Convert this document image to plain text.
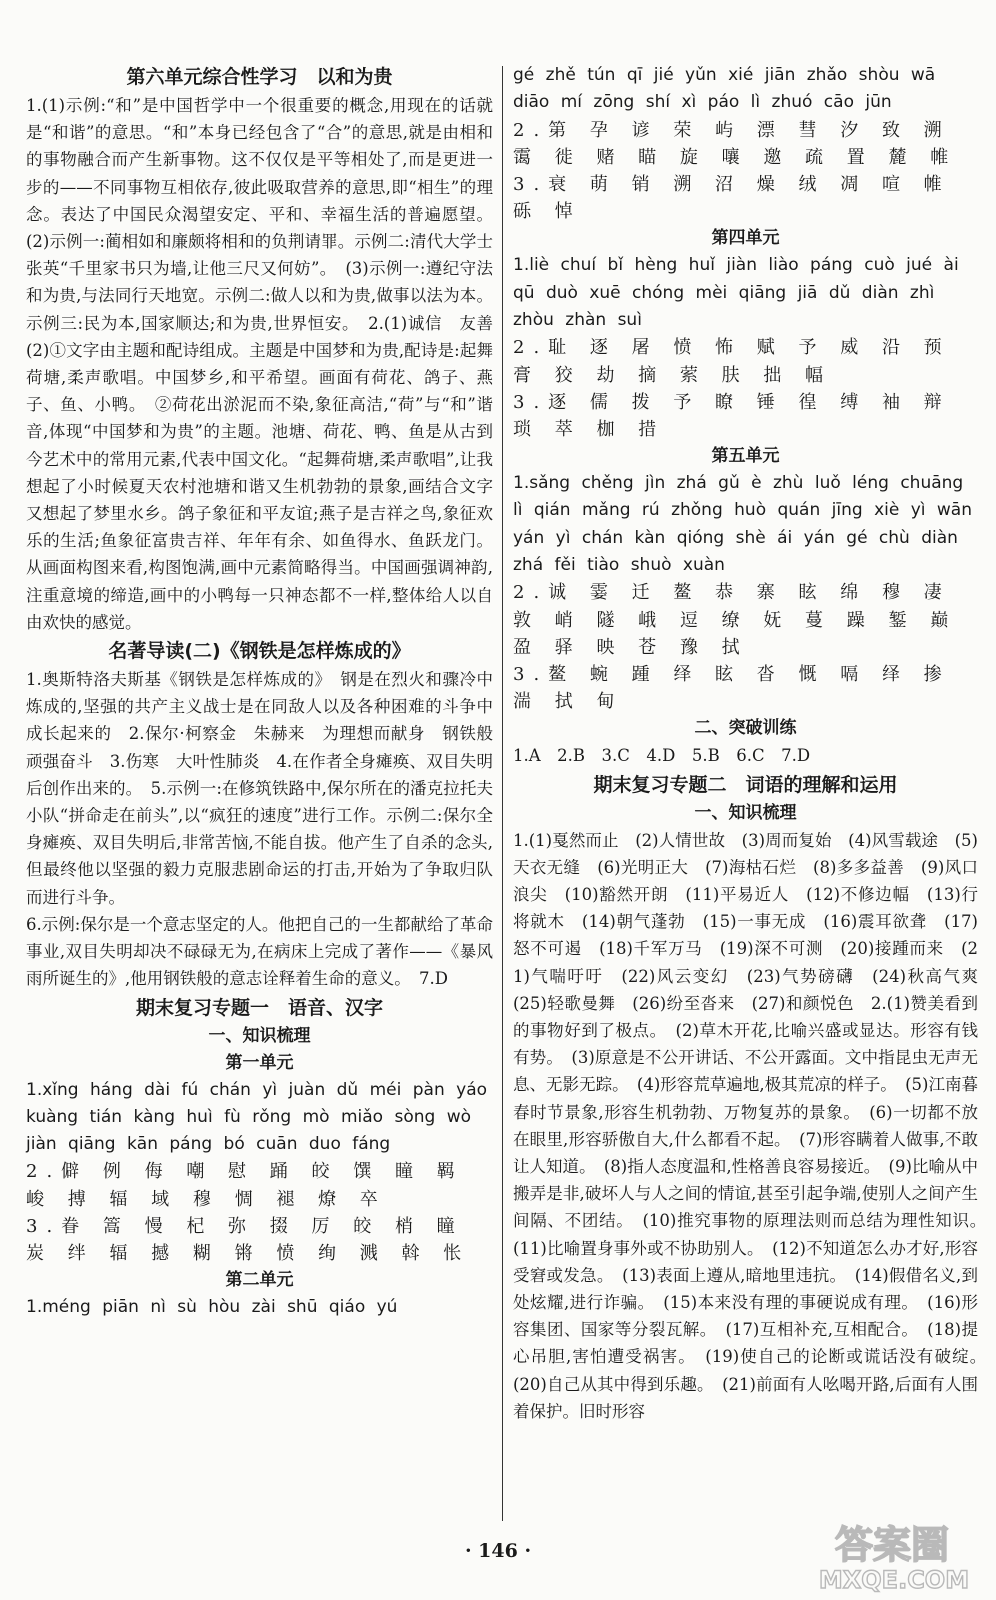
第六单元综合性学习　以和为贵
1.(1)示例:“和”是中国哲学中一个很重要的概念,用现在的话就是“和谐”的意思。“和”本身已经包含了“合”的意思,就是由相和的事物融合而产生新事物。这不仅仅是平等相处了,而是更进一步的——不同事物互相依存,彼此吸取营养的意思,即“相生”的理念。表达了中国民众渴望安定、平和、幸福生活的普遍愿望。(2)示例一:蔺相如和廉颇将相和的负荆请罪。示例二:清代大学士张英“千里家书只为墙,让他三尺又何妨”。　(3)示例一:遵纪守法和为贵,与法同行天地宽。示例二:做人以和为贵,做事以法为本。示例三:民为本,国家顺达;和为贵,世界恒安。　2.(1)诚信　友善　(2)①文字由主题和配诗组成。主题是中国梦和为贵,配诗是:起舞荷塘,柔声歌唱。中国梦乡,和平希望。画面有荷花、鸽子、燕子、鱼、小鸭。　②荷花出淤泥而不染,象征高洁,“荷”与“和”谐音,体现“中国梦和为贵”的主题。池塘、荷花、鸭、鱼是从古到今艺术中的常用元素,代表中国文化。“起舞荷塘,柔声歌唱”,让我想起了小时候夏天农村池塘和谐又生机勃勃的景象,画结合文字又想起了梦里水乡。鸽子象征和平友谊;燕子是吉祥之鸟,象征欢乐的生活;鱼象征富贵吉祥、年年有余、如鱼得水、鱼跃龙门。从画面构图来看,构图饱满,画中元素简略得当。中国画强调神韵,注重意境的缔造,画中的小鸭每一只神态都不一样,整体给人以自由欢快的感觉。
名著导读(二)《钢铁是怎样炼成的》
1.奥斯特洛夫斯基《钢铁是怎样炼成的》　钢是在烈火和骤冷中炼成的,坚强的共产主义战士是在同敌人以及各种困难的斗争中成长起来的　2.保尔·柯察金　朱赫来　为理想而献身　钢铁般　顽强奋斗　3.伤寒　大叶性肺炎　4.在作者全身瘫痪、双目失明后创作出来的。　5.示例一:在修筑铁路中,保尔所在的潘克拉托夫小队“拼命走在前头”,以“疯狂的速度”进行工作。示例二:保尔全身瘫痪、双目失明后,非常苦恼,不能自拔。他产生了自杀的念头,但最终他以坚强的毅力克服悲剧命运的打击,开始为了争取归队而进行斗争。
6.示例:保尔是一个意志坚定的人。他把自己的一生都献给了革命事业,双目失明却决不碌碌无为,在病床上完成了著作——《暴风雨所诞生的》,他用钢铁般的意志诠释着生命的意义。　7.D
期末复习专题一　语音、汉字
一、知识梳理
第一单元
1.xǐng háng dài fú chán yì juàn dǔ méi pàn yáo kuàng tián kàng huì fù rǒng mò miǎo sòng wò jiàn qiāng kān páng bó cuān duo fáng
2.僻 例 侮 嘲 慰 踊 皎 馔 瞳 羁 峻 搏 辐 域 穆 惆 褪 燎 卒
3.眷 篙 慢 杞 弥 掇 厉 皎 梢 瞳 炭 绊 辐 撼 糊 锵 愤 绚 溅 斡 怅
第二单元
1.méng piān nì sù hòu zài shū qiáo yú
gé zhě tún qī jié yǔn xié jiān zhǎo shòu wā diāo mí zōng shí xì páo lì zhuó cāo jūn
2.第 孕 谚 荣 屿 漂 彗 汐 致 溯 霭 徙 赌 瞄 旋 嚷 邀 疏 置 麓 帷
3.衰 萌 销 溯 沼 燥 绒 凋 喧 帷 砾 悼
第四单元
1.liè chuí bǐ hèng huǐ jiàn liào páng cuò jué ài qū duò xuē chóng mèi qiāng jiā dǔ diàn zhì zhòu zhàn suì
2.耻 逐 屠 愤 怖 赋 予 威 沿 预 膏 狡 劫 摘 萦 肤 拙 幅
3.逐 儒 拨 予 瞭 锤 徨 缚 袖 辩 琐 萃 枷 措
第五单元
1.sǎng chěng jìn zhá gǔ è zhù luǒ léng chuāng lì qián mǎng rú zhǒng huò quán jīng xiè yì wān yán yì chán kàn qióng shè ái yán gé chù diàn zhá fěi tiào shuò xuàn
2.诚 霎 迁 鳌 恭 寨 眩 绵 穆 凄 敦 峭 隧 峨 逗 缭 妩 蔓 躁 錾 巅 盈 驿 映 苍 豫 拭
3.鳌 蜿 踵 绎 眩 沓 慨 嗝 绎 掺 湍 拭 甸
二、突破训练
1.A　2.B　3.C　4.D　5.B　6.C　7.D
期末复习专题二　词语的理解和运用
一、知识梳理
1.(1)戛然而止　(2)人情世故　(3)周而复始　(4)风雪载途　(5)天衣无缝　(6)光明正大　(7)海枯石烂　(8)多多益善　(9)风口浪尖　(10)豁然开朗　(11)平易近人　(12)不修边幅　(13)行将就木　(14)朝气蓬勃　(15)一事无成　(16)震耳欲聋　(17)怒不可遏　(18)千军万马　(19)深不可测　(20)接踵而来　(21)气喘吁吁　(22)风云变幻　(23)气势磅礴　(24)秋高气爽　(25)轻歌曼舞　(26)纷至沓来　(27)和颜悦色　2.(1)赞美看到的事物好到了极点。　(2)草木开花,比喻兴盛或显达。形容有钱有势。　(3)原意是不公开讲话、不公开露面。文中指昆虫无声无息、无影无踪。　(4)形容荒草遍地,极其荒凉的样子。　(5)江南暮春时节景象,形容生机勃勃、万物复苏的景象。　(6)一切都不放在眼里,形容骄傲自大,什么都看不起。　(7)形容瞒着人做事,不敢让人知道。　(8)指人态度温和,性格善良容易接近。　(9)比喻从中搬弄是非,破坏人与人之间的情谊,甚至引起争端,使别人之间产生间隔、不团结。　(10)推究事物的原理法则而总结为理性知识。　(11)比喻置身事外或不协助别人。　(12)不知道怎么办才好,形容受窘或发急。　(13)表面上遵从,暗地里违抗。　(14)假借名义,到处炫耀,进行诈骗。　(15)本来没有理的事硬说成有理。　(16)形容集团、国家等分裂瓦解。　(17)互相补充,互相配合。　(18)提心吊胆,害怕遭受祸害。　(19)使自己的论断或谎话没有破绽。　(20)自己从其中得到乐趣。　(21)前面有人吆喝开路,后面有人围着保护。旧时形容
· 146 ·	答案圈
MXQE.COM
